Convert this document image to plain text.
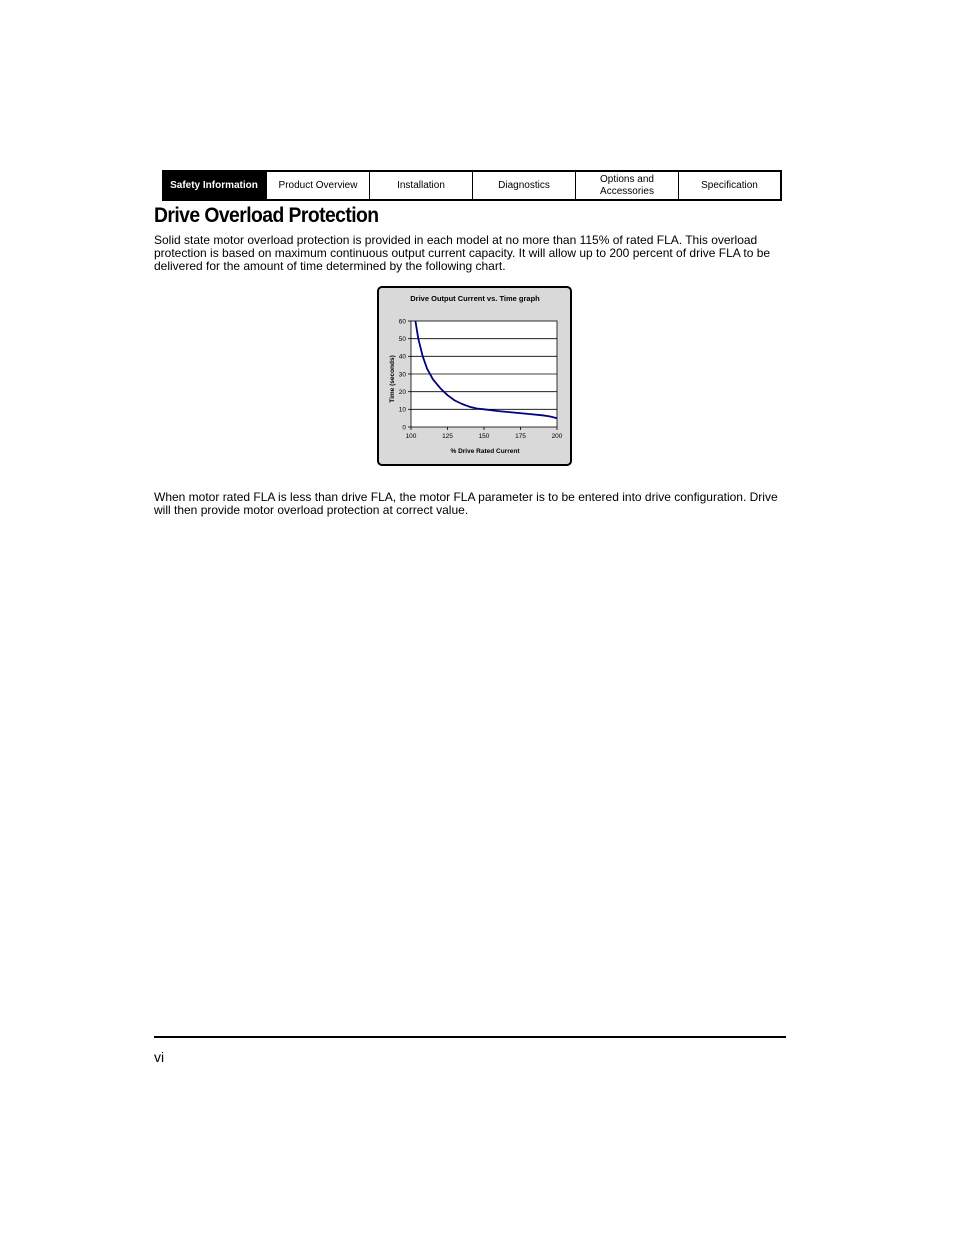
Safety Information	Product Overview	Installation	Diagnostics
Options and
Accessories
Specification
Drive Overload Protection

Solid state motor overload protection is provided in each model at no more than 115% of rated FLA. This overload protection is based on maximum continuous output current capacity. It will allow up to 200 percent of drive FLA to be delivered for the amount of time determined by the following chart.

Drive Output Current vs. Time graph
0
10
20
30
40
50
60
100	125	150	175	200
% Drive Rated Current
Time (seconds)

When motor rated FLA is less than drive FLA, the motor FLA parameter is to be entered into drive configuration. Drive will then provide motor overload protection at correct value.

vi
